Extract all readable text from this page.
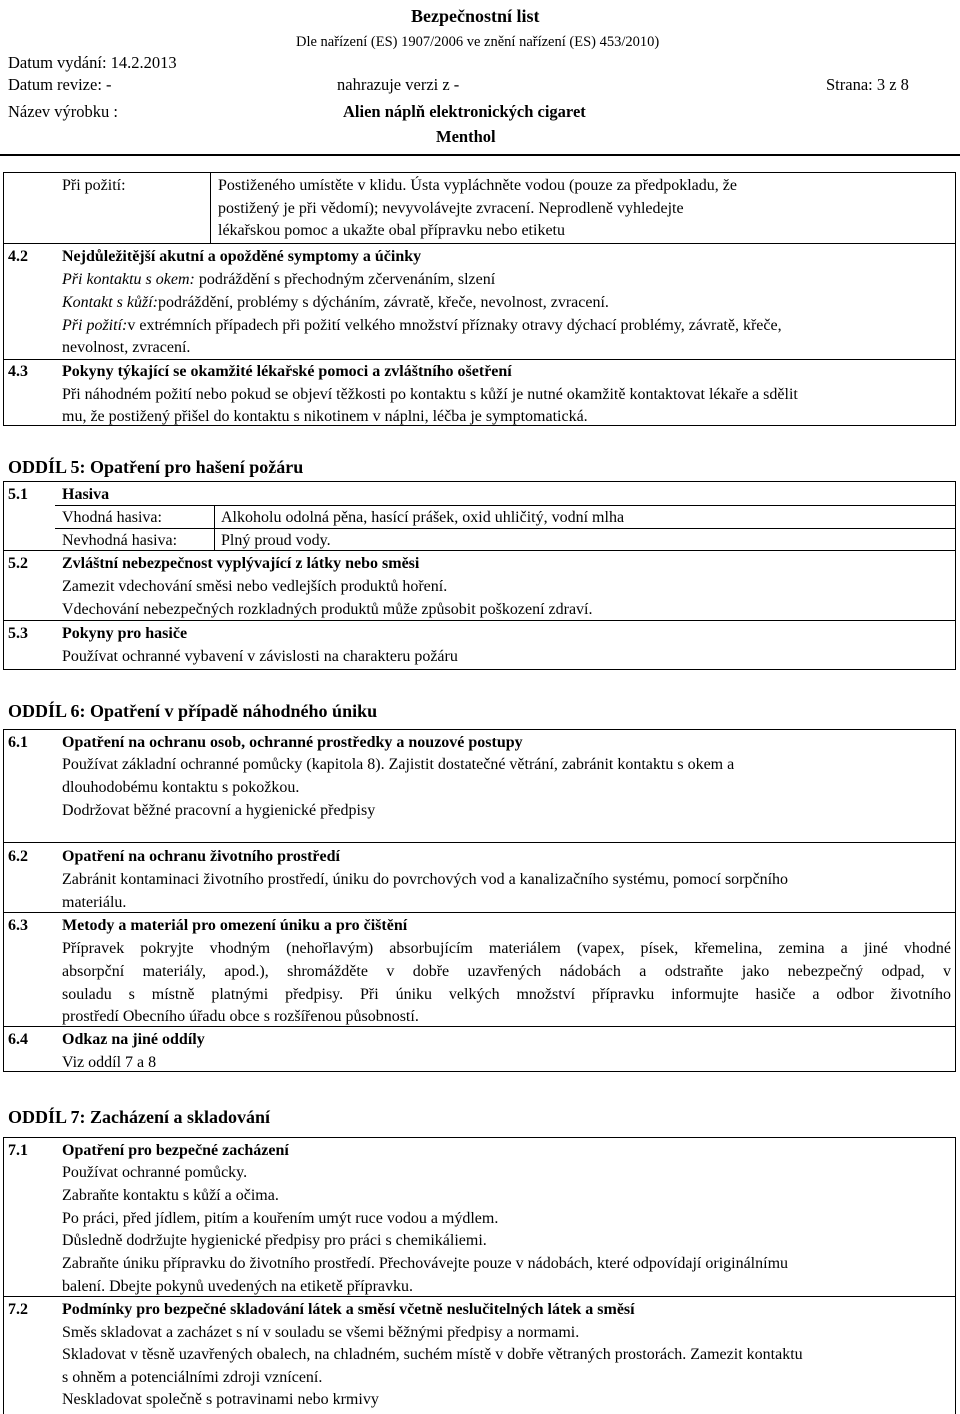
Bezpečnostní list
Dle nařízení (ES) 1907/2006 ve znění nařízení (ES) 453/2010)
Datum vydání: 14.2.2013
Datum revize: -	nahrazuje verzi z -	Strana: 3 z 8
Název výrobku :	Alien náplň elektronických cigaret
Menthol
Při požití:	Postiženého umístěte v klidu. Ústa vypláchněte vodou (pouze za předpokladu, že
postižený je při vědomí); nevyvolávejte zvracení. Neprodleně vyhledejte
lékařskou pomoc a ukažte obal přípravku nebo etiketu
4.2 Nejdůležitější akutní a opožděné symptomy a účinky
Při kontaktu s okem: podráždění s přechodným zčervenáním, slzení
Kontakt s kůží:podráždění, problémy s dýcháním, závratě, křeče, nevolnost, zvracení.
Při požití:v extrémních případech při požití velkého množství příznaky otravy dýchací problémy, závratě, křeče,
nevolnost, zvracení.
4.3 Pokyny týkající se okamžité lékařské pomoci a zvláštního ošetření
Při náhodném požití nebo pokud se objeví těžkosti po kontaktu s kůží je nutné okamžitě kontaktovat lékaře a sdělit
mu, že postižený přišel do kontaktu s nikotinem v náplni, léčba je symptomatická.
ODDÍL 5: Opatření pro hašení požáru
5.1 Hasiva
Vhodná hasiva:	Alkoholu odolná pěna, hasící prášek, oxid uhličitý, vodní mlha
Nevhodná hasiva:	Plný proud vody.
5.2 Zvláštní nebezpečnost vyplývající z látky nebo směsi
Zamezit vdechování směsi nebo vedlejších produktů hoření.
Vdechování nebezpečných rozkladných produktů může způsobit poškození zdraví.
5.3 Pokyny pro hasiče
Používat ochranné vybavení v závislosti na charakteru požáru
ODDÍL 6: Opatření v případě náhodného úniku
6.1 Opatření na ochranu osob, ochranné prostředky a nouzové postupy
Používat základní ochranné pomůcky (kapitola 8). Zajistit dostatečné větrání, zabránit kontaktu s okem a
dlouhodobému kontaktu s pokožkou.
Dodržovat běžné pracovní a hygienické předpisy
6.2 Opatření na ochranu životního prostředí
Zabránit kontaminaci životního prostředí, úniku do povrchových vod a kanalizačního systému, pomocí sorpčního
materiálu.
6.3 Metody a materiál pro omezení úniku a pro čištění
Přípravek pokryjte vhodným (nehořlavým) absorbujícím materiálem (vapex, písek, křemelina, zemina a jiné vhodné
absorpční materiály, apod.), shromážděte v dobře uzavřených nádobách a odstraňte jako nebezpečný odpad, v
souladu s místně platnými předpisy. Při úniku velkých množství přípravku informujte hasiče a odbor životního
prostředí Obecního úřadu obce s rozšířenou působností.
6.4 Odkaz na jiné oddíly
Viz oddíl 7 a 8
ODDÍL 7: Zacházení a skladování
7.1 Opatření pro bezpečné zacházení
Používat ochranné pomůcky.
Zabraňte kontaktu s kůží a očima.
Po práci, před jídlem, pitím a kouřením umýt ruce vodou a mýdlem.
Důsledně dodržujte hygienické předpisy pro práci s chemikáliemi.
Zabraňte úniku přípravku do životního prostředí. Přechovávejte pouze v nádobách, které odpovídají originálnímu
balení. Dbejte pokynů uvedených na etiketě přípravku.
7.2 Podmínky pro bezpečné skladování látek a směsí včetně neslučitelných látek a směsí
Směs skladovat a zacházet s ní v souladu se všemi běžnými předpisy a normami.
Skladovat v těsně uzavřených obalech, na chladném, suchém místě v dobře větraných prostorách. Zamezit kontaktu
s ohněm a potenciálními zdroji vznícení.
Neskladovat společně s potravinami nebo krmivy
